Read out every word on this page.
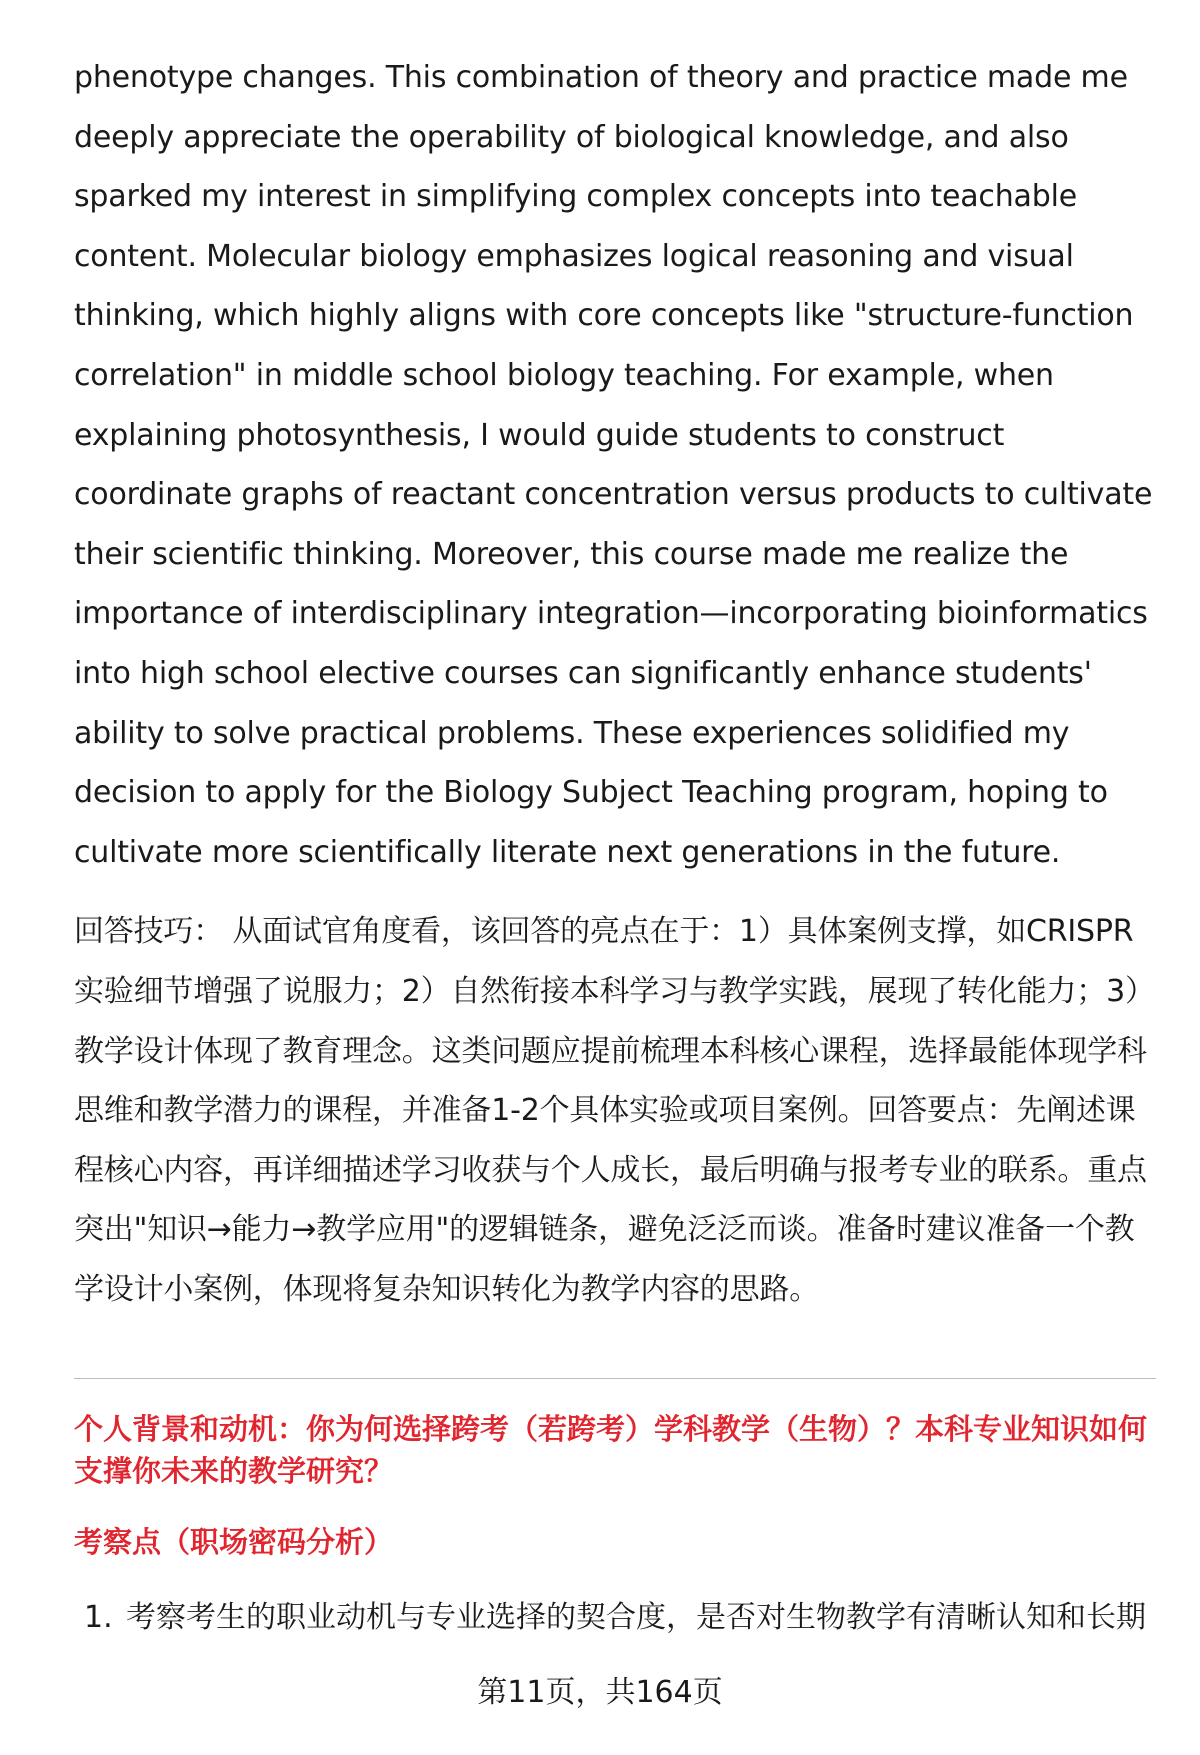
phenotype changes. This combination of theory and practice made me deeply appreciate the operability of biological knowledge, and also sparked my interest in simplifying complex concepts into teachable content. Molecular biology emphasizes logical reasoning and visual thinking, which highly aligns with core concepts like "structure-function correlation" in middle school biology teaching. For example, when explaining photosynthesis, I would guide students to construct coordinate graphs of reactant concentration versus products to cultivate their scientific thinking. Moreover, this course made me realize the importance of interdisciplinary integration—incorporating bioinformatics into high school elective courses can significantly enhance students' ability to solve practical problems. These experiences solidified my decision to apply for the Biology Subject Teaching program, hoping to cultivate more scientifically literate next generations in the future.

回答技巧： 从面试官角度看，该回答的亮点在于：1）具体案例支撑，如CRISPR实验细节增强了说服力；2）自然衔接本科学习与教学实践，展现了转化能力；3）教学设计体现了教育理念。这类问题应提前梳理本科核心课程，选择最能体现学科思维和教学潜力的课程，并准备1-2个具体实验或项目案例。回答要点：先阐述课程核心内容，再详细描述学习收获与个人成长，最后明确与报考专业的联系。重点突出"知识→能力→教学应用"的逻辑链条，避免泛泛而谈。准备时建议准备一个教学设计小案例，体现将复杂知识转化为教学内容的思路。

个人背景和动机：你为何选择跨考（若跨考）学科教学（生物）？本科专业知识如何支撑你未来的教学研究？

考察点（职场密码分析）

1. 考察考生的职业动机与专业选择的契合度，是否对生物教学有清晰认知和长期

第11页，共164页
